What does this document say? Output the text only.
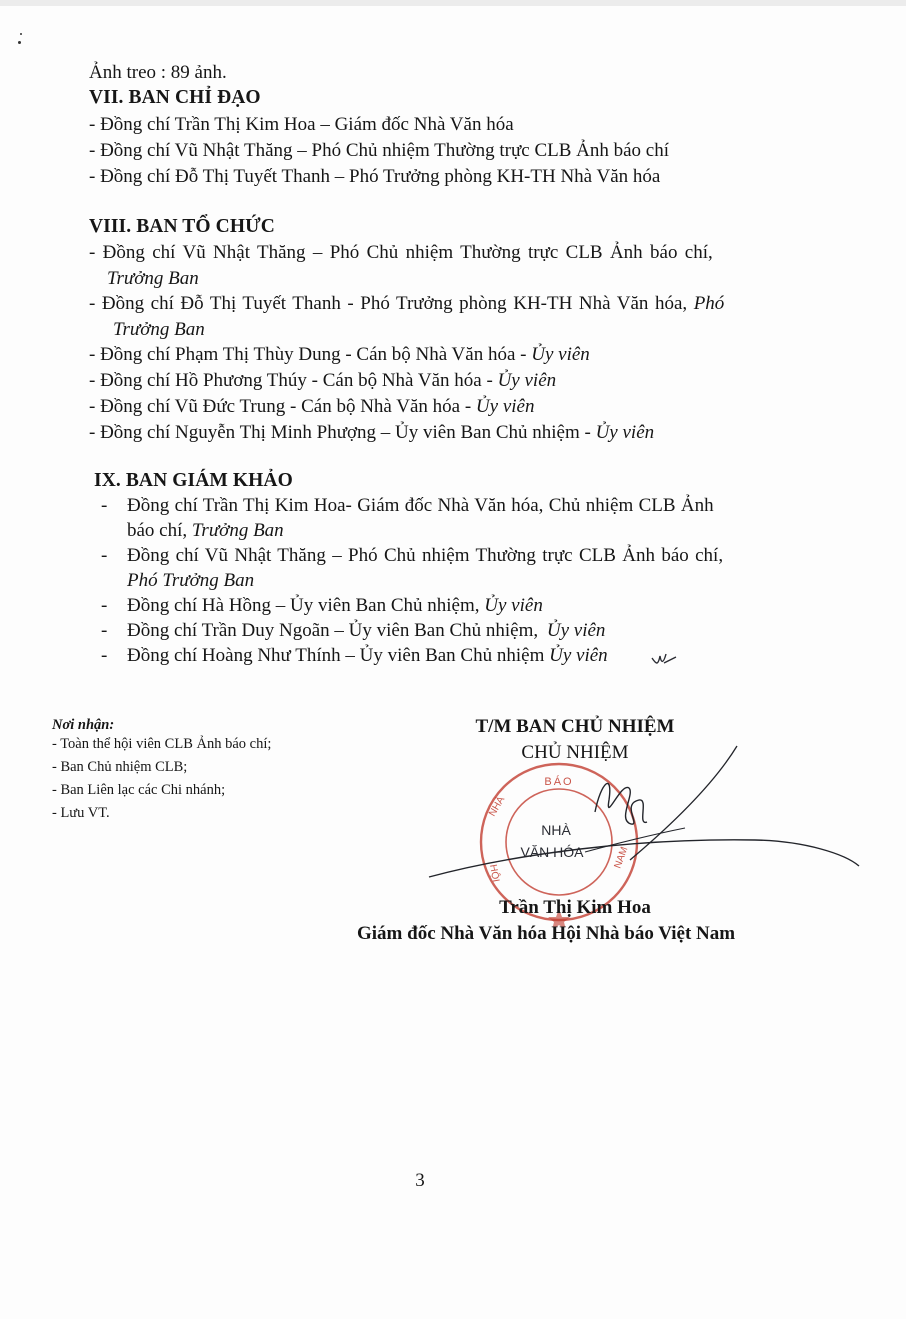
Ảnh treo : 89 ảnh.
VII. BAN CHỈ ĐẠO
- Đồng chí Trần Thị Kim Hoa – Giám đốc Nhà Văn hóa
- Đồng chí Vũ Nhật Thăng – Phó Chủ nhiệm Thường trực CLB Ảnh báo chí
- Đồng chí Đỗ Thị Tuyết Thanh – Phó Trưởng phòng KH-TH Nhà Văn hóa
VIII. BAN TỔ CHỨC
- Đồng chí Vũ Nhật Thăng – Phó Chủ nhiệm Thường trực CLB Ảnh báo chí,
Trưởng Ban
- Đồng chí Đỗ Thị Tuyết Thanh - Phó Trưởng phòng KH-TH Nhà Văn hóa, Phó
Trưởng Ban
- Đồng chí Phạm Thị Thùy Dung - Cán bộ Nhà Văn hóa - Ủy viên
- Đồng chí Hồ Phương Thúy - Cán bộ Nhà Văn hóa - Ủy viên
- Đồng chí Vũ Đức Trung - Cán bộ Nhà Văn hóa - Ủy viên
- Đồng chí Nguyễn Thị Minh Phượng – Ủy viên Ban Chủ nhiệm - Ủy viên
IX. BAN GIÁM KHẢO
- Đồng chí Trần Thị Kim Hoa- Giám đốc Nhà Văn hóa, Chủ nhiệm CLB Ảnh
báo chí, Trưởng Ban
- Đồng chí Vũ Nhật Thăng – Phó Chủ nhiệm Thường trực CLB Ảnh báo chí,
Phó Trưởng Ban
- Đồng chí Hà Hồng – Ủy viên Ban Chủ nhiệm, Ủy viên
- Đồng chí Trần Duy Ngoãn – Ủy viên Ban Chủ nhiệm, Ủy viên
- Đồng chí Hoàng Như Thính – Ủy viên Ban Chủ nhiệm Ủy viên
Nơi nhận:
- Toàn thể hội viên CLB Ảnh báo chí;
- Ban Chủ nhiệm CLB;
- Ban Liên lạc các Chi nhánh;
- Lưu VT.
T/M BAN CHỦ NHIỆM
CHỦ NHIỆM
BÁO
NHÀ
HỘI
NAM
NHÀ
VĂN HÓA
Trần Thị Kim Hoa
Giám đốc Nhà Văn hóa Hội Nhà báo Việt Nam
3
